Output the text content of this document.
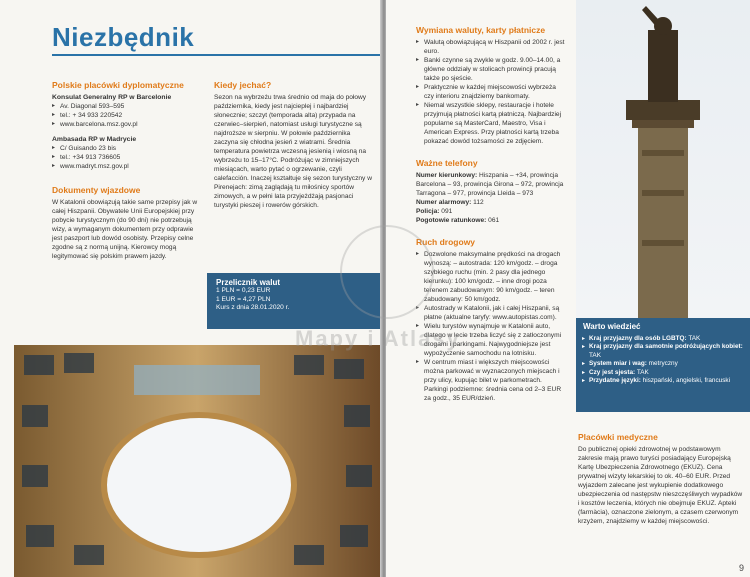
Niezbędnik
Polskie placówki dyplomatyczne

Konsulat Generalny RP w Barcelonie

▸ Av. Diagonal 593–595
▸ tel.: + 34 933 220542
▸ www.barcelona.msz.gov.pl

Ambasada RP w Madrycie

▸ C/ Guisando 23 bis
▸ tel.: +34 913 736605
▸ www.madryt.msz.gov.pl
Dokumenty wjazdowe

W Katalonii obowiązują takie same przepisy jak w całej Hiszpanii. Obywatele Unii Europejskiej przy pobycie turystycznym (do 90 dni) nie potrzebują wizy, a wymaganym dokumentem przy odprawie jest paszport lub dowód osobisty. Przepisy celne zgodne są z normą unijną. Kierowcy mogą legitymować się polskim prawem jazdy.

Kiedy jechać?

Sezon na wybrzeżu trwa średnio od maja do połowy października, kiedy jest najcieplej i najbardziej słonecznie; szczyt (temporada alta) przypada na czerwiec–sierpień, natomiast usługi turystyczne są najdroższe w sierpniu. W połowie października zaczyna się chłodna jesień z wiatrami. Średnia temperatura powietrza wczesną jesienią i wiosną na wybrzeżu to 15–17°C. Podróżując w zimniejszych miesiącach, warto pytać o ogrzewanie, czyli calefacción. Inaczej kształtuje się sezon turystyczny w Pirenejach: zimą zaglądają tu miłośnicy sportów zimowych, a w pełni lata przyjeżdżają pasjonaci turystyki pieszej i rowerów górskich.

Przelicznik walut
1 PLN = 0,23 EUR
1 EUR = 4,27 PLN
Kurs z dnia 28.01.2020 r.
Wymiana waluty, karty płatnicze
▸ Walutą obowiązującą w Hiszpanii od 2002 r. jest euro.
▸ Banki czynne są zwykle w godz. 9.00–14.00, a główne oddziały w stolicach prowincji pracują także po sjeście.
▸ Praktycznie w każdej miejscowości wybrzeża czy interioru znajdziemy bankomaty.
▸ Niemal wszystkie sklepy, restauracje i hotele przyjmują płatności kartą płatniczą. Najbardziej popularne są MasterCard, Maestro, Visa i American Express. Przy płatności kartą trzeba pokazać dowód tożsamości ze zdjęciem.
Ważne telefony

Numer kierunkowy: Hiszpania – +34, prowincja Barcelona – 93, prowincja Girona – 972, prowincja Tarragona – 977, prowincja Lleida – 973

Numer alarmowy: 112

Policja: 091

Pogotowie ratunkowe: 061

Ruch drogowy
▸ Dozwolone maksymalne prędkości na drogach wynoszą: – autostrada: 120 km/godz. – droga szybkiego ruchu (min. 2 pasy dla jednego kierunku): 100 km/godz. – inne drogi poza terenem zabudowanym: 90 km/godz. – teren zabudowany: 50 km/godz.
▸ Autostrady w Katalonii, jak i całej Hiszpanii, są płatne (aktualne taryfy: www.autopistas.com).
▸ Wielu turystów wynajmuje w Katalonii auto, dlatego w lecie trzeba liczyć się z zatłoczonymi drogami i parkingami. Najwygodniejsze jest wypożyczenie samochodu na lotnisku.
▸ W centrum miast i większych miejscowości można parkować w wyznaczonych miejscach i przy ulicy, kupując bilet w parkometrach. Parkingi podziemne: średnia cena od 2–3 EUR za godz., 35 EUR/dzień.
Placówki medyczne

Do publicznej opieki zdrowotnej w podstawowym zakresie mają prawo turyści posiadający Europejską Kartę Ubezpieczenia Zdrowotnego (EKUZ). Cena prywatnej wizyty lekarskiej to ok. 40–60 EUR. Przed wyjazdem zalecane jest wykupienie dodatkowego ubezpieczenia od następstw nieszczęśliwych wypadków i kosztów leczenia, których nie obejmuje EKUZ. Apteki (farmàcia), oznaczone zielonym, a czasem czerwonym krzyżem, znajdziemy w każdej miejscowości.

9
Warto wiedzieć
▸ Kraj przyjazny dla osób LGBTQ: TAK
▸ Kraj przyjazny dla samotnie podróżujących kobiet: TAK
▸ System miar i wag: metryczny
▸ Czy jest sjesta: TAK
▸ Przydatne języki: hiszpański, angielski, francuski
Mapy i Atlasy
